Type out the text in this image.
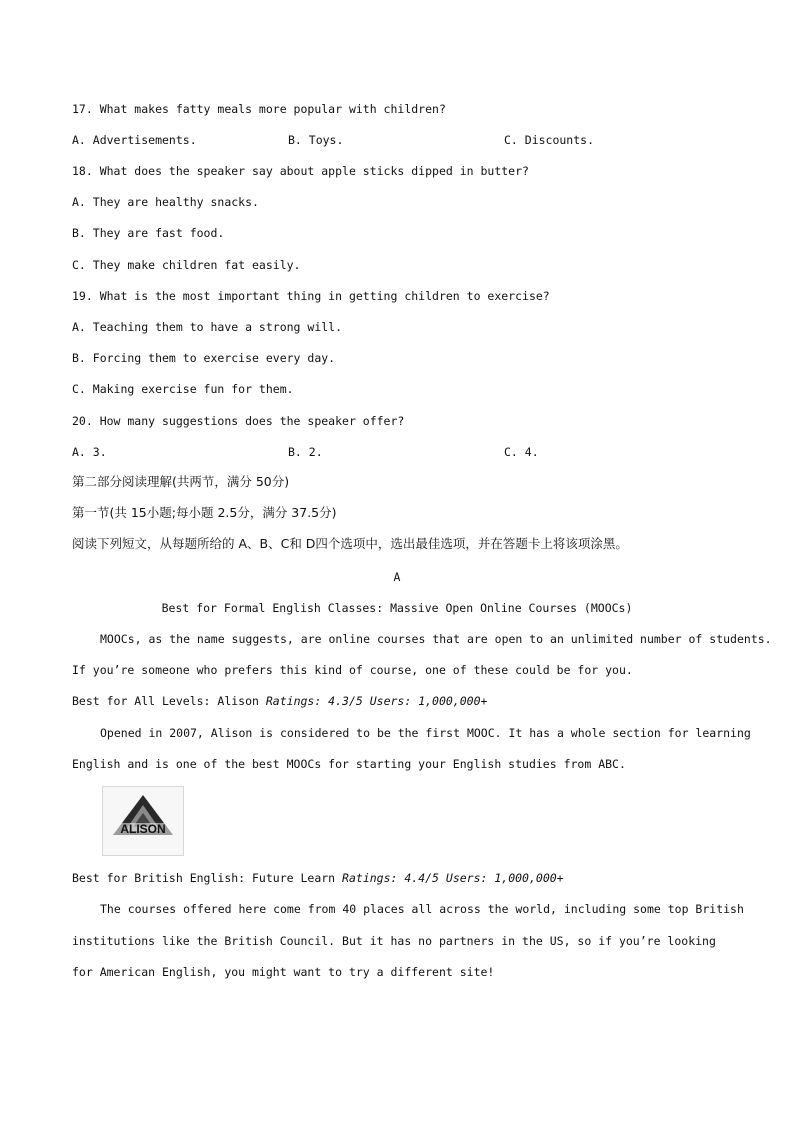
17. What makes fatty meals more popular with children?
A. Advertisements.	B. Toys.	C. Discounts.
18. What does the speaker say about apple sticks dipped in butter?
A. They are healthy snacks.
B. They are fast food.
C. They make children fat easily.
19. What is the most important thing in getting children to exercise?
A. Teaching them to have a strong will.
B. Forcing them to exercise every day.
C. Making exercise fun for them.
20. How many suggestions does the speaker offer?
A. 3.	B. 2.	C. 4.
第二部分阅读理解(共两节，满分 50分)
第一节(共 15小题;每小题 2.5分，满分 37.5分)
阅读下列短文，从每题所给的 A、B、C和 D四个选项中，选出最佳选项，并在答题卡上将该项涂黑。
A
Best for Formal English Classes: Massive Open Online Courses (MOOCs)
MOOCs, as the name suggests, are online courses that are open to an unlimited number of students.
If you’re someone who prefers this kind of course, one of these could be for you.
Best for All Levels: Alison Ratings: 4.3/5 Users: 1,000,000+
Opened in 2007, Alison is considered to be the first MOOC. It has a whole section for learning
English and is one of the best MOOCs for starting your English studies from ABC.
ALISON
Best for British English: Future Learn Ratings: 4.4/5 Users: 1,000,000+
The courses offered here come from 40 places all across the world, including some top British
institutions like the British Council. But it has no partners in the US, so if you’re looking
for American English, you might want to try a different site!
